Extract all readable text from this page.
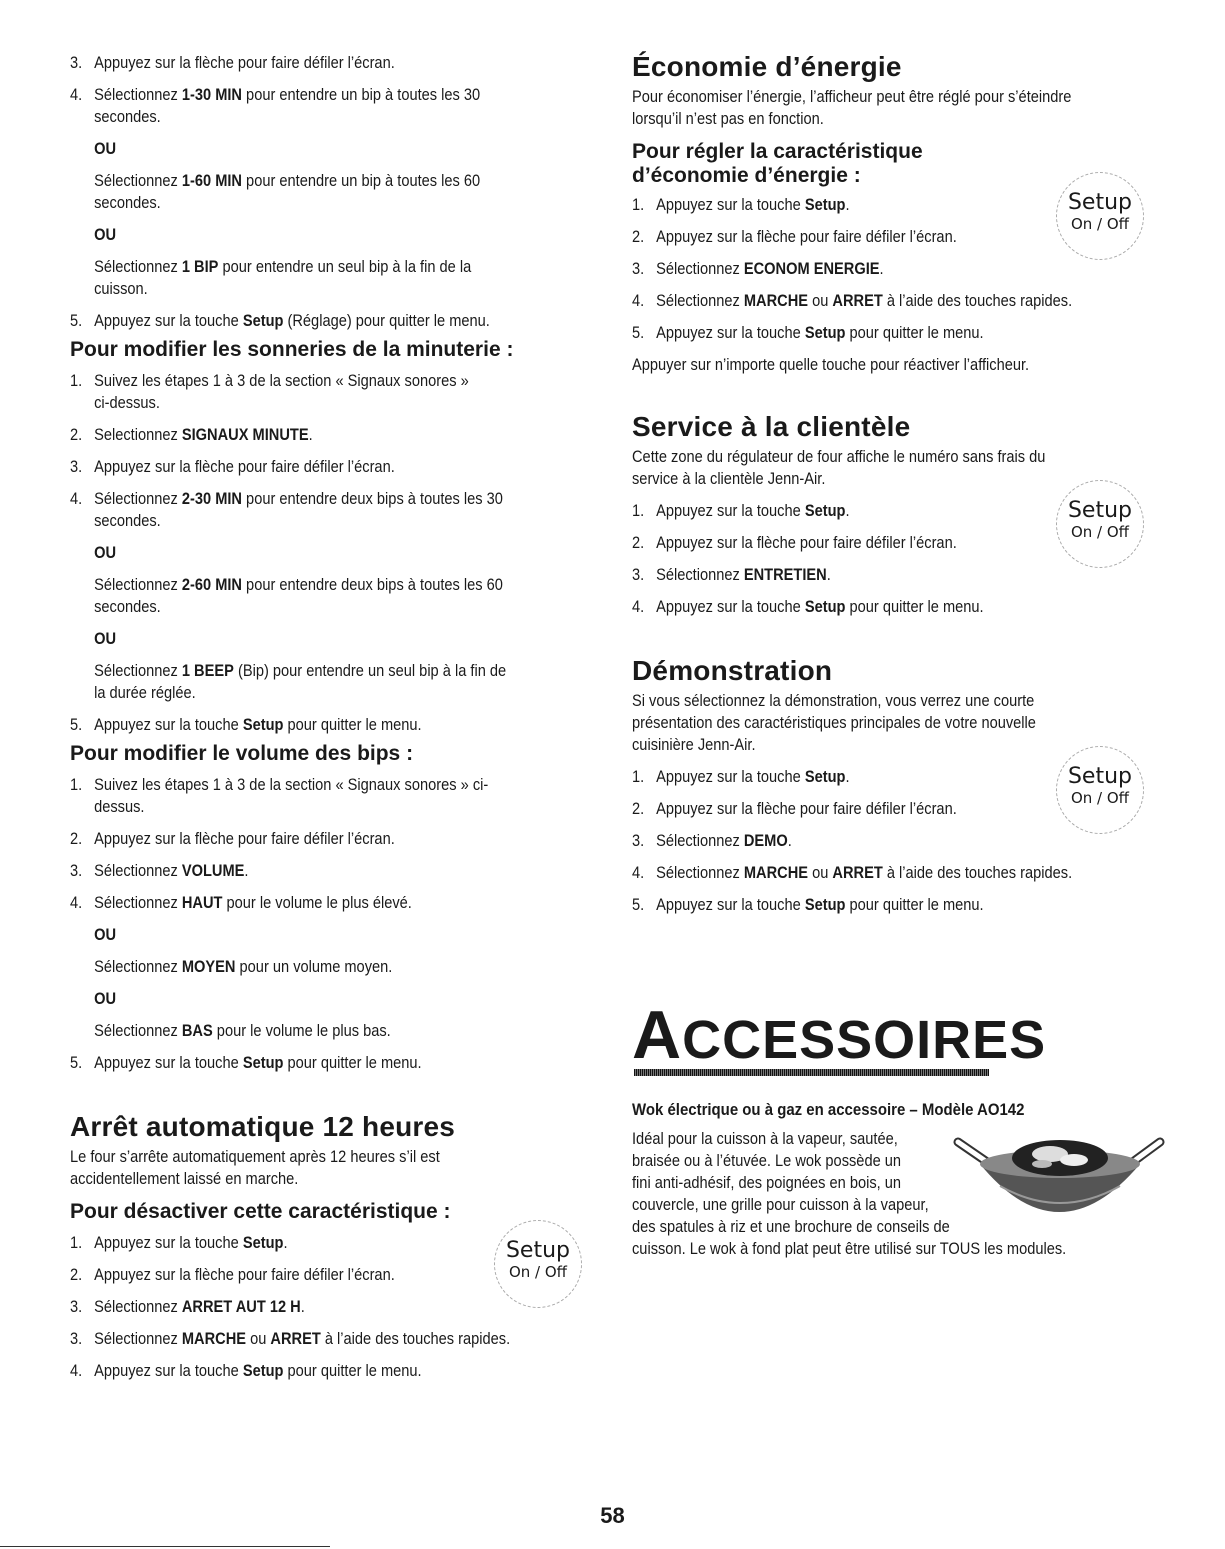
3. Appuyez sur la flèche pour faire défiler l’écran.
4. Sélectionnez 1-30 MIN pour entendre un bip à toutes les 30
secondes.
OU
Sélectionnez 1-60 MIN pour entendre un bip à toutes les 60
secondes.
OU
Sélectionnez 1 BIP pour entendre un seul bip à la fin de la
cuisson.
5. Appuyez sur la touche Setup (Réglage) pour quitter le menu.
Pour modifier les sonneries de la minuterie :
1. Suivez les étapes 1 à 3 de la section « Signaux sonores »
ci-dessus.
2. Selectionnez SIGNAUX MINUTE.
3. Appuyez sur la flèche pour faire défiler l’écran.
4. Sélectionnez 2-30 MIN pour entendre deux bips à toutes les 30
secondes.
OU
Sélectionnez 2-60 MIN pour entendre deux bips à toutes les 60
secondes.
OU
Sélectionnez 1 BEEP (Bip) pour entendre un seul bip à la fin de
la durée réglée.
5. Appuyez sur la touche Setup pour quitter le menu.
Pour modifier le volume des bips :
1. Suivez les étapes 1 à 3 de la section « Signaux sonores » ci-
dessus.
2. Appuyez sur la flèche pour faire défiler l’écran.
3. Sélectionnez VOLUME.
4. Sélectionnez HAUT pour le volume le plus élevé.
OU
Sélectionnez MOYEN pour un volume moyen.
OU
Sélectionnez BAS pour le volume le plus bas.
5. Appuyez sur la touche Setup pour quitter le menu.
Arrêt automatique 12 heures
Le four s’arrête automatiquement après 12 heures s’il est
accidentellement laissé en marche.
Pour désactiver cette caractéristique :
Setup
On / Off
1. Appuyez sur la touche Setup.
2. Appuyez sur la flèche pour faire défiler l’écran.
3. Sélectionnez ARRET AUT 12 H.
3. Sélectionnez MARCHE ou ARRET à l’aide des touches rapides.
4. Appuyez sur la touche Setup pour quitter le menu.
Économie d’énergie
Pour économiser l’énergie, l’afficheur peut être réglé pour s’éteindre
lorsqu’il n’est pas en fonction.
Pour régler la caractéristique
d’économie d’énergie :
Setup
On / Off
1. Appuyez sur la touche Setup.
2. Appuyez sur la flèche pour faire défiler l’écran.
3. Sélectionnez ECONOM ENERGIE.
4. Sélectionnez MARCHE ou ARRET à l’aide des touches rapides.
5. Appuyez sur la touche Setup pour quitter le menu.
Appuyer sur n’importe quelle touche pour réactiver l’afficheur.
Service à la clientèle
Cette zone du régulateur de four affiche le numéro sans frais du
service à la clientèle Jenn-Air.
Setup
On / Off
1. Appuyez sur la touche Setup.
2. Appuyez sur la flèche pour faire défiler l’écran.
3. Sélectionnez ENTRETIEN.
4. Appuyez sur la touche Setup pour quitter le menu.
Démonstration
Si vous sélectionnez la démonstration, vous verrez une courte
présentation des caractéristiques principales de votre nouvelle
cuisinière Jenn-Air.
Setup
On / Off
1. Appuyez sur la touche Setup.
2. Appuyez sur la flèche pour faire défiler l’écran.
3. Sélectionnez DEMO.
4. Sélectionnez MARCHE ou ARRET à l’aide des touches rapides.
5. Appuyez sur la touche Setup pour quitter le menu.
ACCESSOIRES
Wok électrique ou à gaz en accessoire – Modèle AO142
Idéal pour la cuisson à la vapeur, sautée,
braisée ou à l’étuvée. Le wok possède un
fini anti-adhésif, des poignées en bois, un
couvercle, une grille pour cuisson à la vapeur,
des spatules à riz et une brochure de conseils de
cuisson. Le wok à fond plat peut être utilisé sur TOUS les modules.
58
